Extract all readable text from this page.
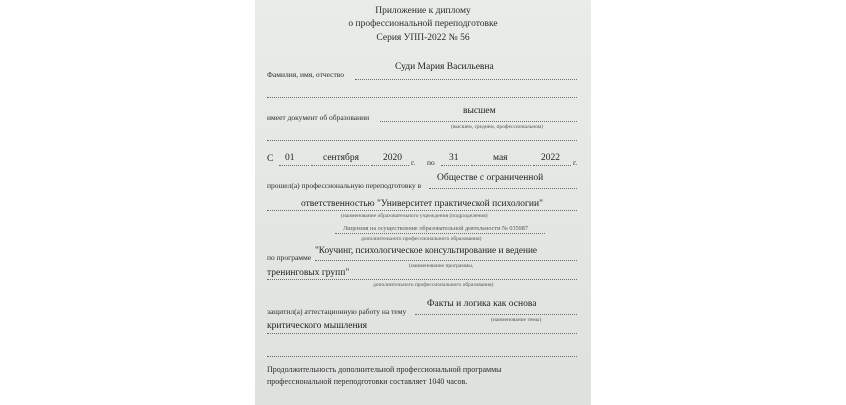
Приложение к диплому
о профессиональной переподготовке
Серия УПП-2022 № 56
Фамилия, имя, отчество
Суди Мария Васильевна
имеет документ об образовании
высшем
(высшем, среднем, профессиональном)
С 01	сентября	2020 г. по 31	мая	2022 г.
прошел(а) профессиональную переподготовку в
Обществе с ограниченной
ответственностью "Университет практической психологии"
(наименование образовательного учреждения (подразделения)
Лицензия на осуществление образовательной деятельности № 035987
дополнительного профессионального образования)
по программе
"Коучинг, психологическое консультирование и ведение
(наименование программы,
тренинговых групп"
дополнительного профессионального образования)
защитил(а) аттестационную работу на тему
Факты и логика как основа
(наименование темы)
критического мышления
Продолжительность дополнительной профессиональной программы
профессиональной переподготовки составляет 1040 часов.
